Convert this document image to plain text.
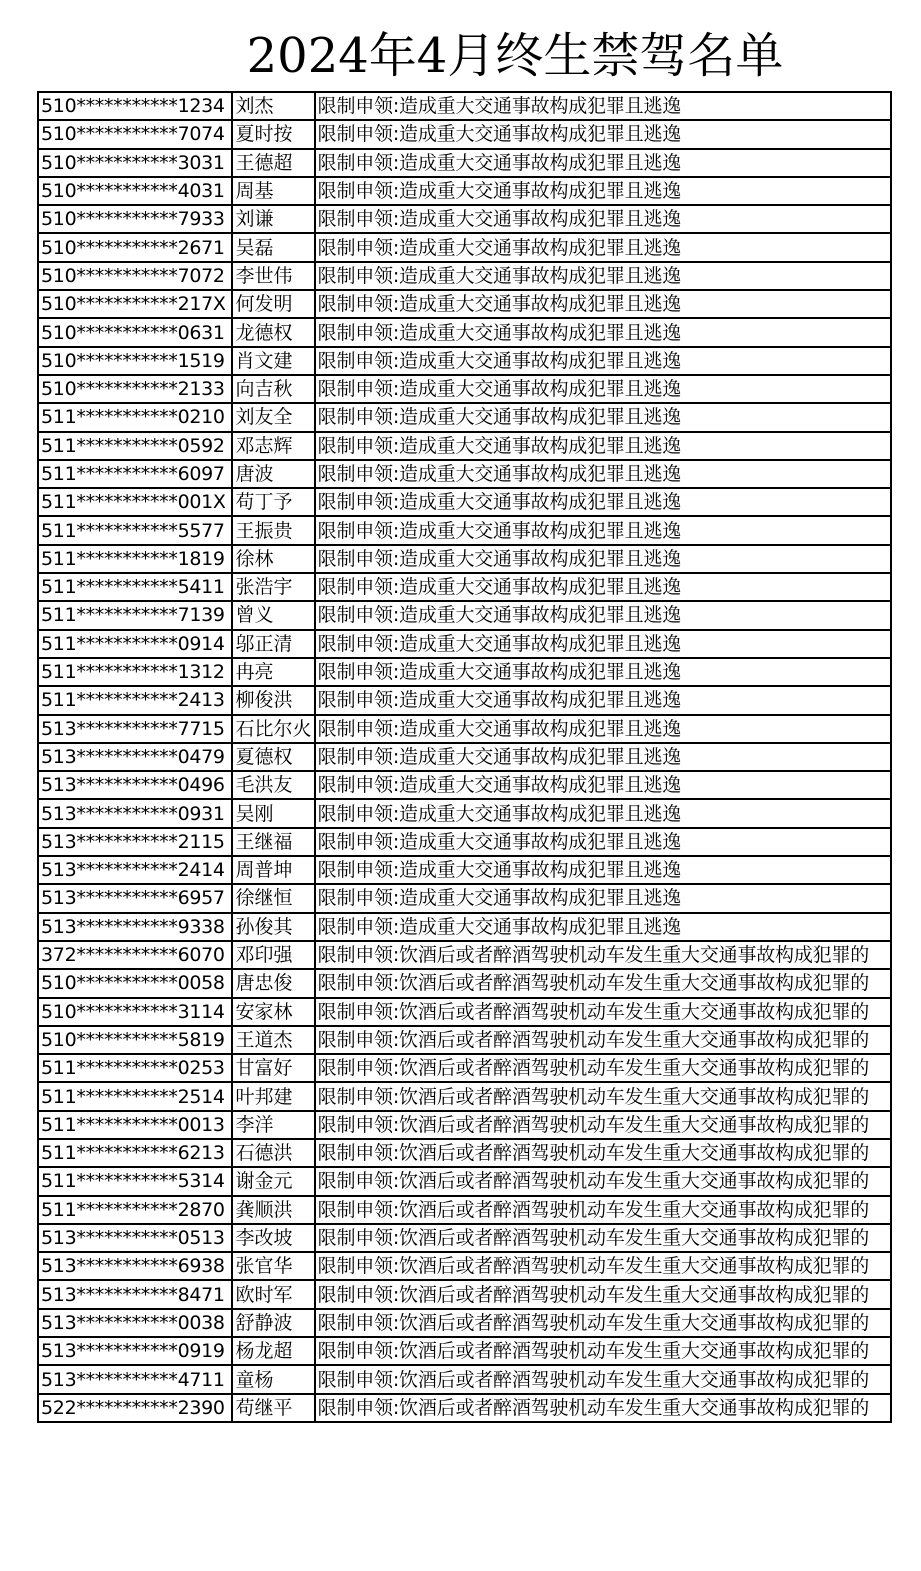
2024年4月终生禁驾名单
510***********1234	刘杰	限制申领:造成重大交通事故构成犯罪且逃逸
510***********7074	夏时按	限制申领:造成重大交通事故构成犯罪且逃逸
510***********3031	王德超	限制申领:造成重大交通事故构成犯罪且逃逸
510***********4031	周基	限制申领:造成重大交通事故构成犯罪且逃逸
510***********7933	刘谦	限制申领:造成重大交通事故构成犯罪且逃逸
510***********2671	吴磊	限制申领:造成重大交通事故构成犯罪且逃逸
510***********7072	李世伟	限制申领:造成重大交通事故构成犯罪且逃逸
510***********217X	何发明	限制申领:造成重大交通事故构成犯罪且逃逸
510***********0631	龙德权	限制申领:造成重大交通事故构成犯罪且逃逸
510***********1519	肖文建	限制申领:造成重大交通事故构成犯罪且逃逸
510***********2133	向吉秋	限制申领:造成重大交通事故构成犯罪且逃逸
511***********0210	刘友全	限制申领:造成重大交通事故构成犯罪且逃逸
511***********0592	邓志辉	限制申领:造成重大交通事故构成犯罪且逃逸
511***********6097	唐波	限制申领:造成重大交通事故构成犯罪且逃逸
511***********001X	苟丁予	限制申领:造成重大交通事故构成犯罪且逃逸
511***********5577	王振贵	限制申领:造成重大交通事故构成犯罪且逃逸
511***********1819	徐林	限制申领:造成重大交通事故构成犯罪且逃逸
511***********5411	张浩宇	限制申领:造成重大交通事故构成犯罪且逃逸
511***********7139	曾义	限制申领:造成重大交通事故构成犯罪且逃逸
511***********0914	邬正清	限制申领:造成重大交通事故构成犯罪且逃逸
511***********1312	冉亮	限制申领:造成重大交通事故构成犯罪且逃逸
511***********2413	柳俊洪	限制申领:造成重大交通事故构成犯罪且逃逸
513***********7715	石比尔火	限制申领:造成重大交通事故构成犯罪且逃逸
513***********0479	夏德权	限制申领:造成重大交通事故构成犯罪且逃逸
513***********0496	毛洪友	限制申领:造成重大交通事故构成犯罪且逃逸
513***********0931	吴刚	限制申领:造成重大交通事故构成犯罪且逃逸
513***********2115	王继福	限制申领:造成重大交通事故构成犯罪且逃逸
513***********2414	周普坤	限制申领:造成重大交通事故构成犯罪且逃逸
513***********6957	徐继恒	限制申领:造成重大交通事故构成犯罪且逃逸
513***********9338	孙俊其	限制申领:造成重大交通事故构成犯罪且逃逸
372***********6070	邓印强	限制申领:饮酒后或者醉酒驾驶机动车发生重大交通事故构成犯罪的
510***********0058	唐忠俊	限制申领:饮酒后或者醉酒驾驶机动车发生重大交通事故构成犯罪的
510***********3114	安家林	限制申领:饮酒后或者醉酒驾驶机动车发生重大交通事故构成犯罪的
510***********5819	王道杰	限制申领:饮酒后或者醉酒驾驶机动车发生重大交通事故构成犯罪的
511***********0253	甘富好	限制申领:饮酒后或者醉酒驾驶机动车发生重大交通事故构成犯罪的
511***********2514	叶邦建	限制申领:饮酒后或者醉酒驾驶机动车发生重大交通事故构成犯罪的
511***********0013	李洋	限制申领:饮酒后或者醉酒驾驶机动车发生重大交通事故构成犯罪的
511***********6213	石德洪	限制申领:饮酒后或者醉酒驾驶机动车发生重大交通事故构成犯罪的
511***********5314	谢金元	限制申领:饮酒后或者醉酒驾驶机动车发生重大交通事故构成犯罪的
511***********2870	龚顺洪	限制申领:饮酒后或者醉酒驾驶机动车发生重大交通事故构成犯罪的
513***********0513	李改坡	限制申领:饮酒后或者醉酒驾驶机动车发生重大交通事故构成犯罪的
513***********6938	张官华	限制申领:饮酒后或者醉酒驾驶机动车发生重大交通事故构成犯罪的
513***********8471	欧时军	限制申领:饮酒后或者醉酒驾驶机动车发生重大交通事故构成犯罪的
513***********0038	舒静波	限制申领:饮酒后或者醉酒驾驶机动车发生重大交通事故构成犯罪的
513***********0919	杨龙超	限制申领:饮酒后或者醉酒驾驶机动车发生重大交通事故构成犯罪的
513***********4711	童杨	限制申领:饮酒后或者醉酒驾驶机动车发生重大交通事故构成犯罪的
522***********2390	苟继平	限制申领:饮酒后或者醉酒驾驶机动车发生重大交通事故构成犯罪的
